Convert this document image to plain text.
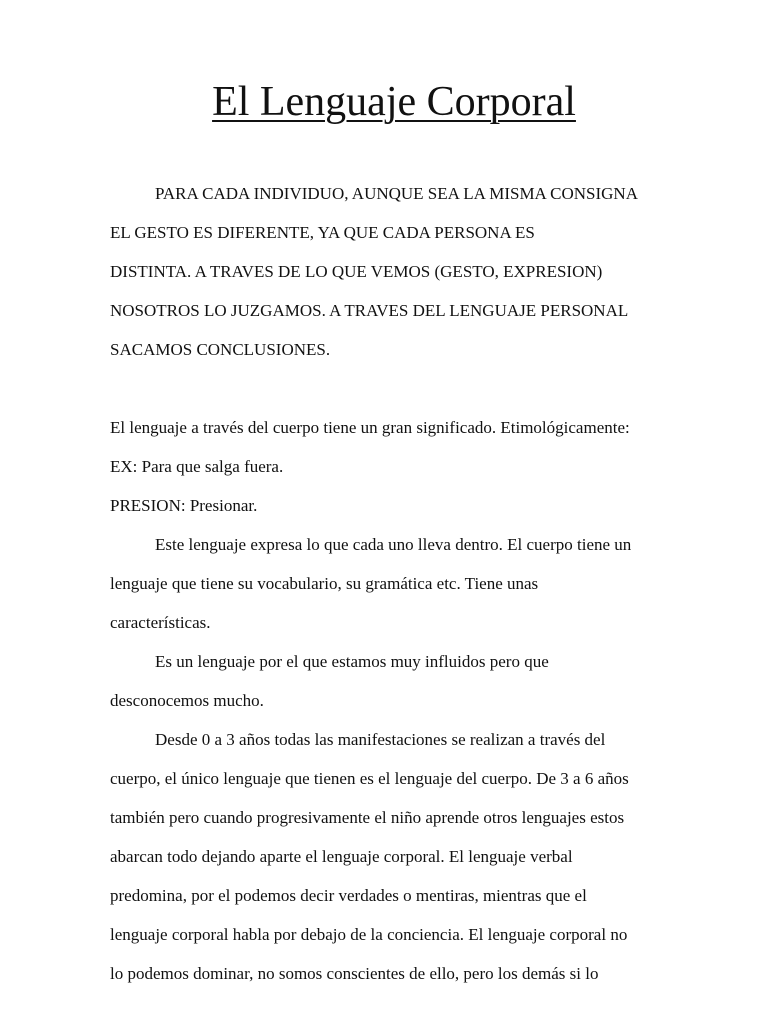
El Lenguaje Corporal

PARA CADA INDIVIDUO, AUNQUE SEA LA MISMA CONSIGNA

EL GESTO ES DIFERENTE, YA QUE CADA PERSONA ES

DISTINTA. A TRAVES DE LO QUE VEMOS (GESTO, EXPRESION)

NOSOTROS LO JUZGAMOS. A TRAVES DEL LENGUAJE PERSONAL

SACAMOS CONCLUSIONES.

El lenguaje a través del cuerpo tiene un gran significado. Etimológicamente:

EX: Para que salga fuera.

PRESION: Presionar.

Este lenguaje expresa lo que cada uno lleva dentro. El cuerpo tiene un

lenguaje que tiene su vocabulario, su gramática etc. Tiene unas

características.

Es un lenguaje por el que estamos muy influidos pero que

desconocemos mucho.

Desde 0 a 3 años todas las manifestaciones se realizan a través del

cuerpo, el único lenguaje que tienen es el lenguaje del cuerpo. De 3 a 6 años

también pero cuando progresivamente el niño aprende otros lenguajes estos

abarcan todo dejando aparte el lenguaje corporal. El lenguaje verbal

predomina, por el podemos decir verdades o mentiras, mientras que el

lenguaje corporal habla por debajo de la conciencia. El lenguaje corporal no

lo podemos dominar, no somos conscientes de ello, pero los demás si lo
